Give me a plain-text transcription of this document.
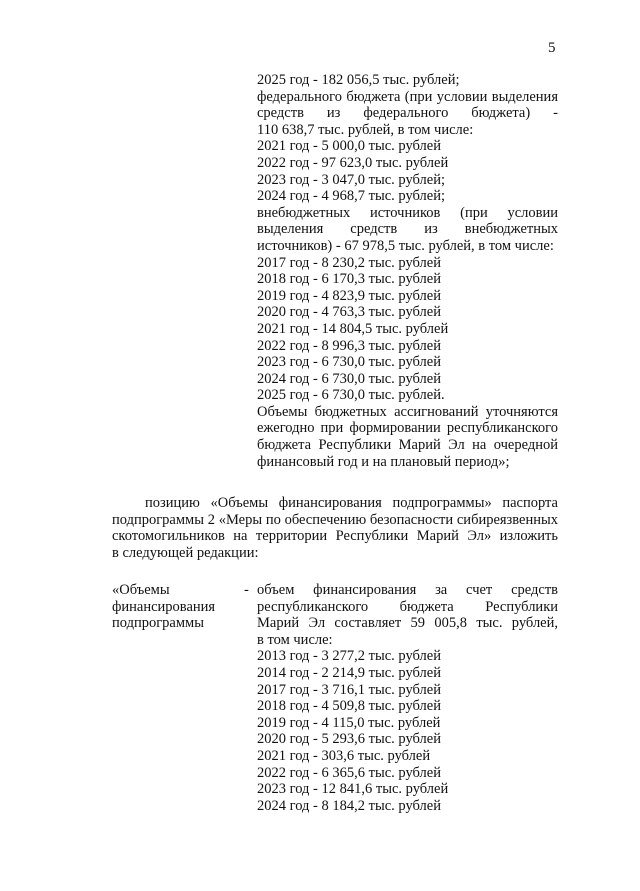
5
2025 год - 182 056,5 тыс. рублей;
федерального бюджета (при условии выделения
средств из федерального бюджета) -
110 638,7 тыс. рублей, в том числе:
2021 год - 5 000,0 тыс. рублей
2022 год - 97 623,0 тыс. рублей
2023 год - 3 047,0 тыс. рублей;
2024 год - 4 968,7 тыс. рублей;
внебюджетных источников (при условии
выделения средств из внебюджетных
источников) - 67 978,5 тыс. рублей, в том числе:
2017 год - 8 230,2 тыс. рублей
2018 год - 6 170,3 тыс. рублей
2019 год - 4 823,9 тыс. рублей
2020 год - 4 763,3 тыс. рублей
2021 год - 14 804,5 тыс. рублей
2022 год - 8 996,3 тыс. рублей
2023 год - 6 730,0 тыс. рублей
2024 год - 6 730,0 тыс. рублей
2025 год - 6 730,0 тыс. рублей.
Объемы бюджетных ассигнований уточняются
ежегодно при формировании республиканского
бюджета Республики Марий Эл на очередной
финансовый год и на плановый период»;
позицию «Объемы финансирования подпрограммы» паспорта
подпрограммы 2 «Меры по обеспечению безопасности сибиреязвенных
скотомогильников на территории Республики Марий Эл» изложить
в следующей редакции:
«Объемы
финансирования
подпрограммы
- объем финансирования за счет средств
республиканского бюджета Республики
Марий Эл составляет 59 005,8 тыс. рублей,
в том числе:
2013 год - 3 277,2 тыс. рублей
2014 год - 2 214,9 тыс. рублей
2017 год - 3 716,1 тыс. рублей
2018 год - 4 509,8 тыс. рублей
2019 год - 4 115,0 тыс. рублей
2020 год - 5 293,6 тыс. рублей
2021 год - 303,6 тыс. рублей
2022 год - 6 365,6 тыс. рублей
2023 год - 12 841,6 тыс. рублей
2024 год - 8 184,2 тыс. рублей
